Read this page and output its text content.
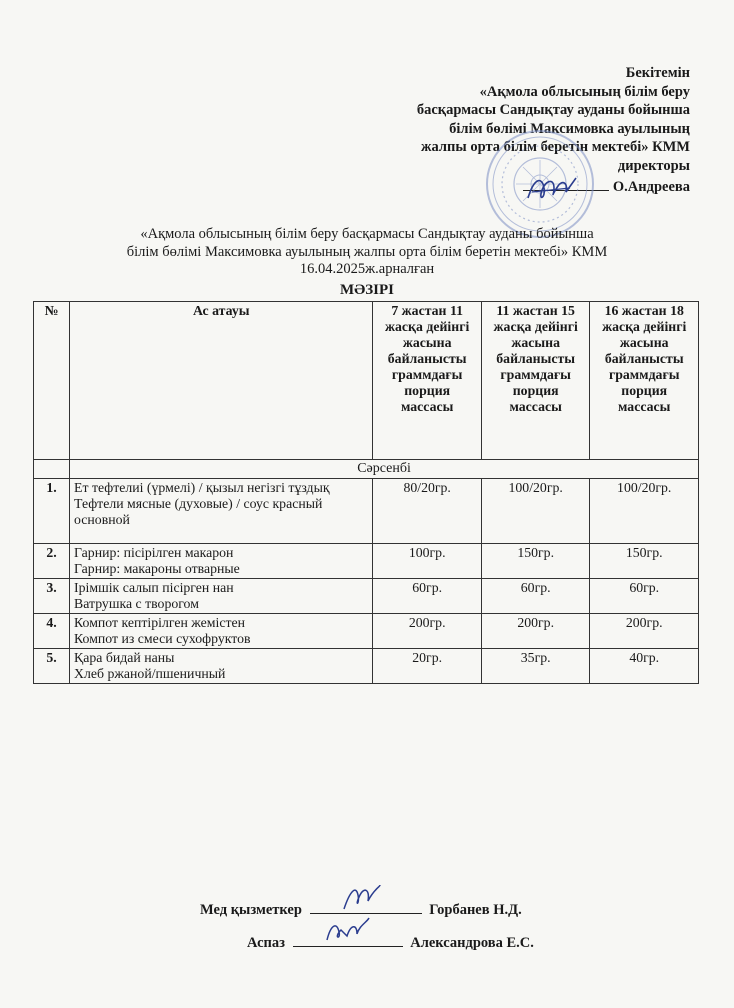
Бекітемін
«Ақмола облысының білім беру
басқармасы Сандықтау ауданы бойынша
білім бөлімі Максимовка ауылының
жалпы орта білім беретін мектебі» КММ
директоры
О.Андреева
«Ақмола облысының білім беру басқармасы Сандықтау ауданы бойынша
білім бөлімі Максимовка ауылының жалпы орта білім беретін мектебі» КММ
16.04.2025ж.арналған
МӘЗІРІ
№	Ас атауы	7 жастан 11 жасқа дейінгі жасына байланысты граммдағы порция массасы	11 жастан 15 жасқа дейінгі жасына байланысты граммдағы порция массасы	16 жастан 18 жасқа дейінгі жасына байланысты граммдағы порция массасы
	Сәрсенбі			
1.	Ет тефтелиі (үрмелі) / қызыл негізгі тұздық
Тефтели мясные (духовые) / соус красный основной	80/20гр.	100/20гр.	100/20гр.
2.	Гарнир: пісірілген макарон
Гарнир: макароны отварные	100гр.	150гр.	150гр.
3.	Ірімшік салып пісірген нан
Ватрушка с творогом	60гр.	60гр.	60гр.
4.	Компот кептірілген жемістен
Компот из смеси сухофруктов	200гр.	200гр.	200гр.
5.	Қара бидай наны
Хлеб ржаной/пшеничный	20гр.	35гр.	40гр.
Мед қызметкер	Горбанев Н.Д.
Аспаз	Александрова Е.С.
